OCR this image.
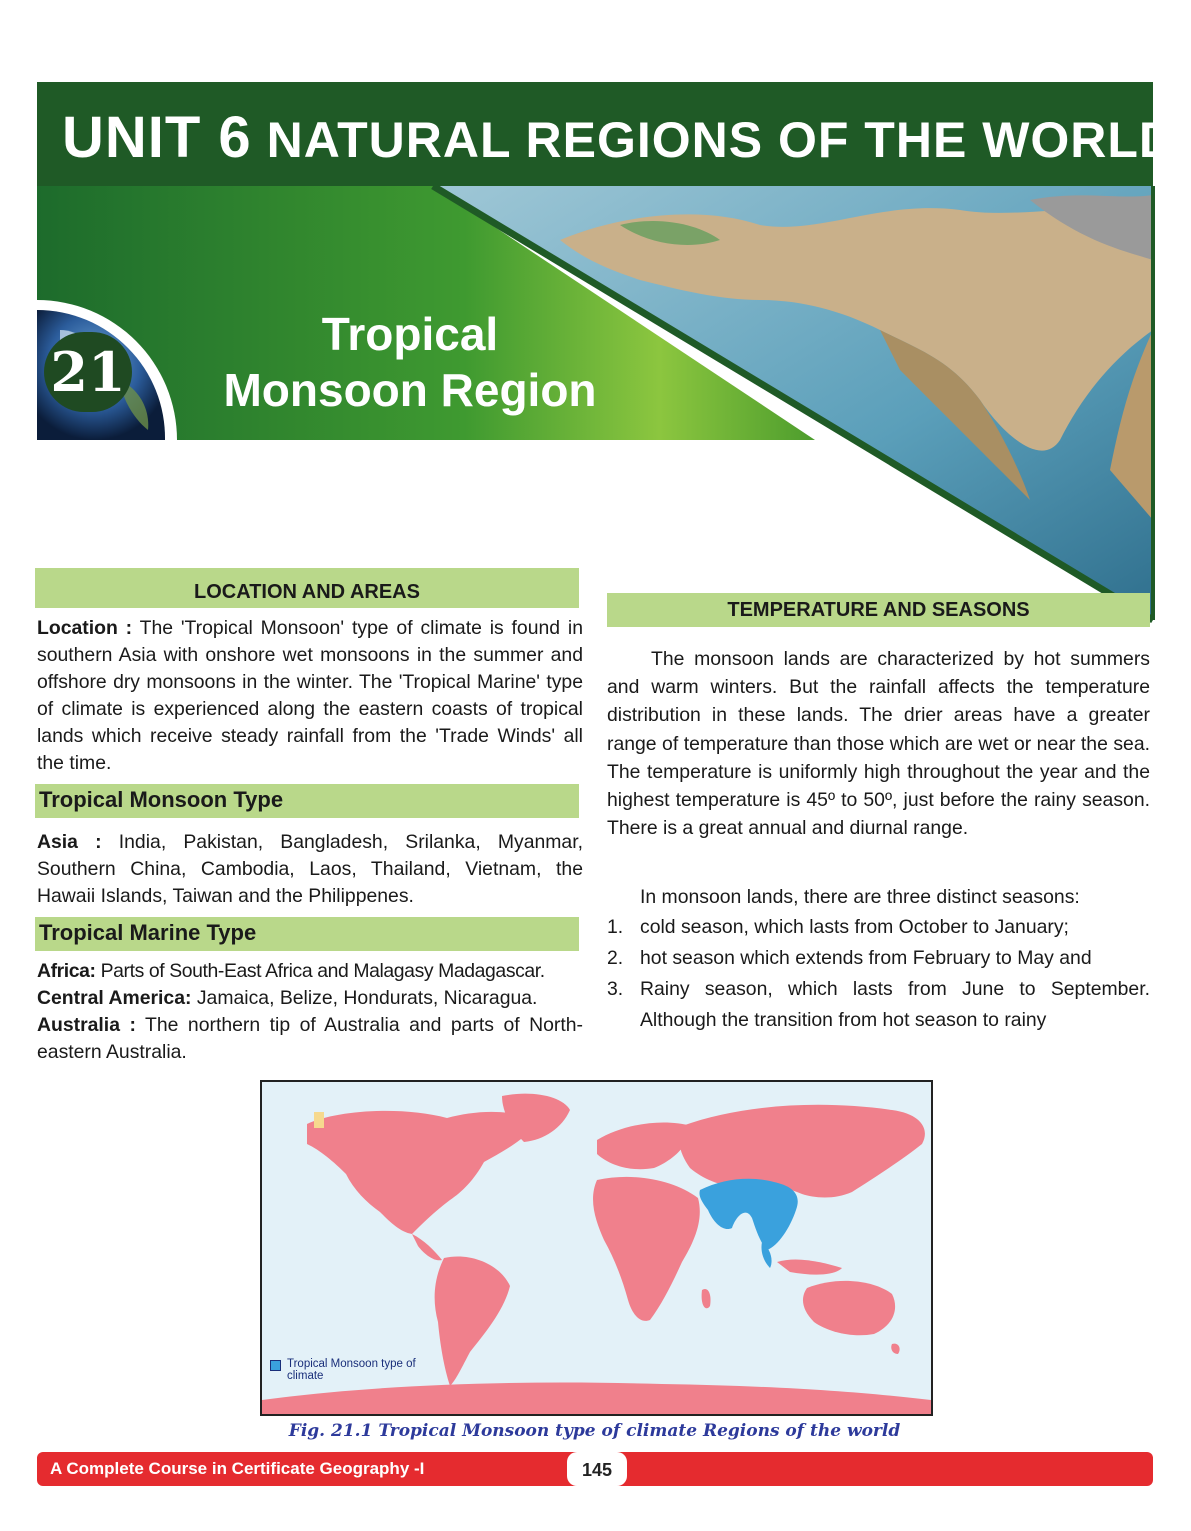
UNIT 6 NATURAL REGIONS OF THE WORLD
21
Tropical
Monsoon Region
LOCATION AND AREAS
Location : The 'Tropical Monsoon' type of climate is found in southern Asia with onshore wet monsoons in the summer and offshore dry monsoons in the winter. The 'Tropical Marine' type of climate is experienced along the eastern coasts of tropical lands which receive steady rainfall from the 'Trade Winds' all the time.
Tropical Monsoon Type
Asia : India, Pakistan, Bangladesh, Srilanka, Myanmar, Southern China, Cambodia, Laos, Thailand, Vietnam, the Hawaii Islands, Taiwan and the Philippenes.
Tropical Marine Type
Africa: Parts of South-East Africa and Malagasy Madagascar.
Central America: Jamaica, Belize, Hondurats, Nicaragua.
Australia : The northern tip of Australia and parts of North-eastern Australia.
TEMPERATURE AND SEASONS
The monsoon lands are characterized by hot summers and warm winters. But the rainfall affects the temperature distribution in these lands. The drier areas have a greater range of temperature than those which are wet or near the sea. The temperature is uniformly high throughout the year and the highest temperature is 45º to 50º, just before the rainy season. There is a great annual and diurnal range.
In monsoon lands, there are three distinct seasons:
1. cold season, which lasts from October to January;
2. hot season which extends from February to May and
3. Rainy season, which lasts from June to September. Although the transition from hot season to rainy
Tropical Monsoon type of climate
Fig. 21.1 Tropical Monsoon type of climate Regions of the world
A Complete Course in Certificate Geography -I	145
